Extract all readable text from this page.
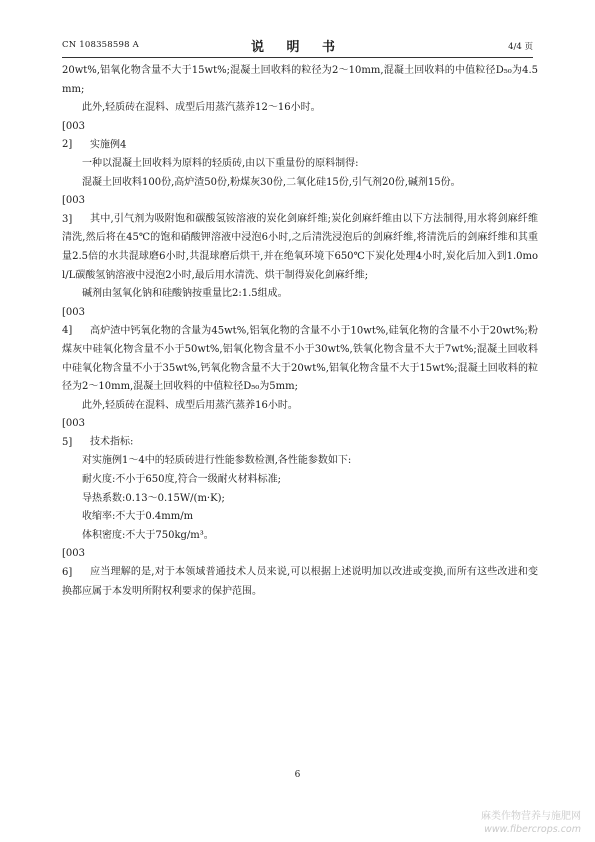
CN 108358598 A	说 明 书	4/4 页

20wt%,铝氧化物含量不大于15wt%;混凝土回收料的粒径为2～10mm,混凝土回收料的中值粒径D₅₀为4.5mm;

此外,轻质砖在混料、成型后用蒸汽蒸养12～16小时。

[0032] 实施例4

一种以混凝土回收料为原料的轻质砖,由以下重量份的原料制得:

混凝土回收料100份,高炉渣50份,粉煤灰30份,二氧化硅15份,引气剂20份,碱剂15份。

[0033] 其中,引气剂为吸附饱和碳酸氢铵溶液的炭化剑麻纤维;炭化剑麻纤维由以下方法制得,用水将剑麻纤维清洗,然后将在45℃的饱和硝酸钾溶液中浸泡6小时,之后清洗浸泡后的剑麻纤维,将清洗后的剑麻纤维和其重量2.5倍的水共混球磨6小时,共混球磨后烘干,并在绝氧环境下650℃下炭化处理4小时,炭化后加入到1.0mol/L碳酸氢钠溶液中浸泡2小时,最后用水清洗、烘干制得炭化剑麻纤维;

碱剂由氢氧化钠和硅酸钠按重量比2:1.5组成。

[0034] 高炉渣中钙氧化物的含量为45wt%,铝氧化物的含量不小于10wt%,硅氧化物的含量不小于20wt%;粉煤灰中硅氧化物含量不小于50wt%,铝氧化物含量不小于30wt%,铁氧化物含量不大于7wt%;混凝土回收料中硅氧化物含量不小于35wt%,钙氧化物含量不大于20wt%,铝氧化物含量不大于15wt%;混凝土回收料的粒径为2～10mm,混凝土回收料的中值粒径D₅₀为5mm;

此外,轻质砖在混料、成型后用蒸汽蒸养16小时。

[0035] 技术指标:

对实施例1～4中的轻质砖进行性能参数检测,各性能参数如下:

耐火度:不小于650度,符合一级耐火材料标准;

导热系数:0.13～0.15W/(m·K);

收缩率:不大于0.4mm/m

体积密度:不大于750kg/m³。

[0036] 应当理解的是,对于本领域普通技术人员来说,可以根据上述说明加以改进或变换,而所有这些改进和变换都应属于本发明所附权利要求的保护范围。

6
麻类作物营养与施肥网
www.fibercrops.com
